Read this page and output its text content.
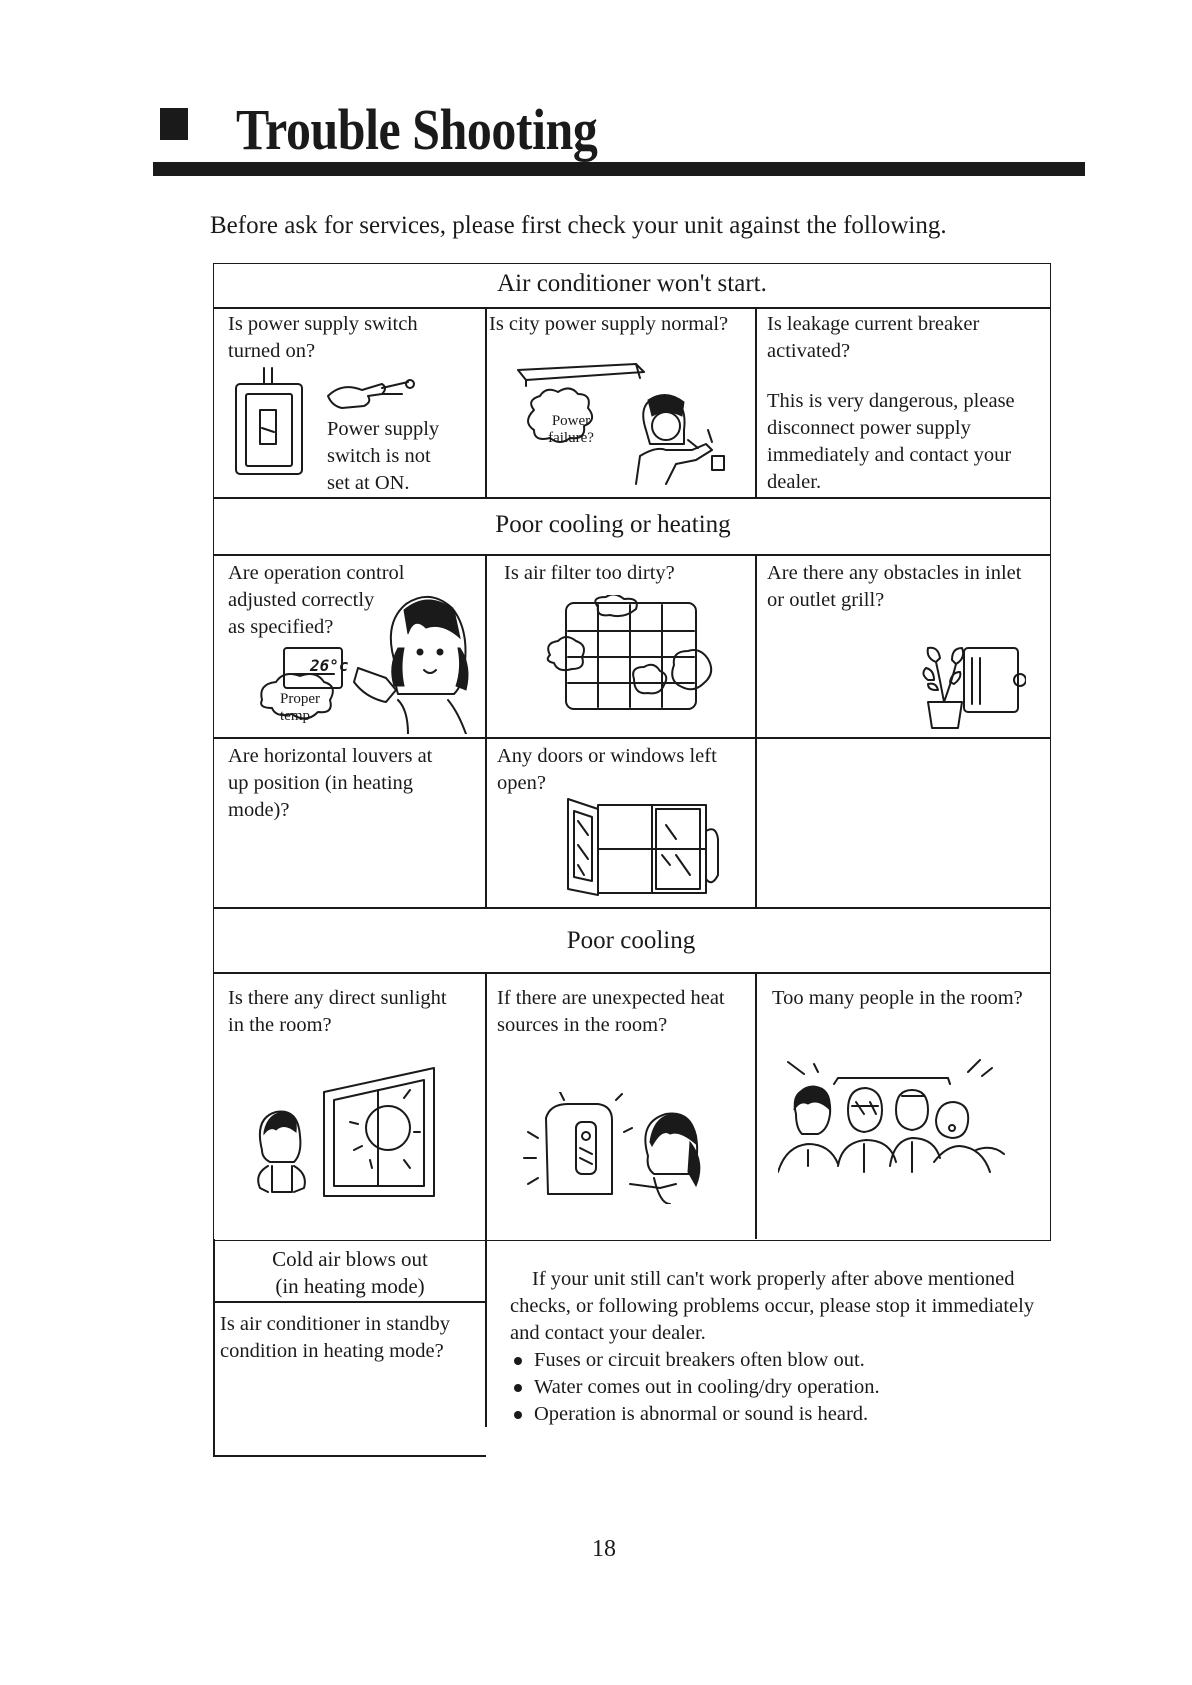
Trouble Shooting
Before ask for services, please first check your unit against the following.
Air conditioner won't start.
Is power supply switch
turned on?
Power supply
switch is not
set at ON.
Is city power supply normal?
Power
failure?
Is leakage current breaker
activated?
This is very dangerous, please
disconnect power supply
immediately and contact your
dealer.
Poor cooling or heating
Are operation control
adjusted correctly
as specified?
26°c
Proper
temp
Is air filter too dirty?	Are there any obstacles in inlet
or outlet grill?
Are horizontal louvers at
up position (in heating
mode)?
Any doors or windows left
open?
Poor cooling
Is there any direct sunlight
in the room?
If there are unexpected heat
sources in the room?
Too many people in the room?
Cold air blows out
(in heating mode)
Is air conditioner in standby
condition in heating mode?
If your unit still can't work properly after above mentioned
checks, or following problems occur, please stop it immediately
and contact your dealer.
Fuses or circuit breakers often blow out.
Water comes out in cooling/dry operation.
Operation is abnormal or sound is heard.
18
